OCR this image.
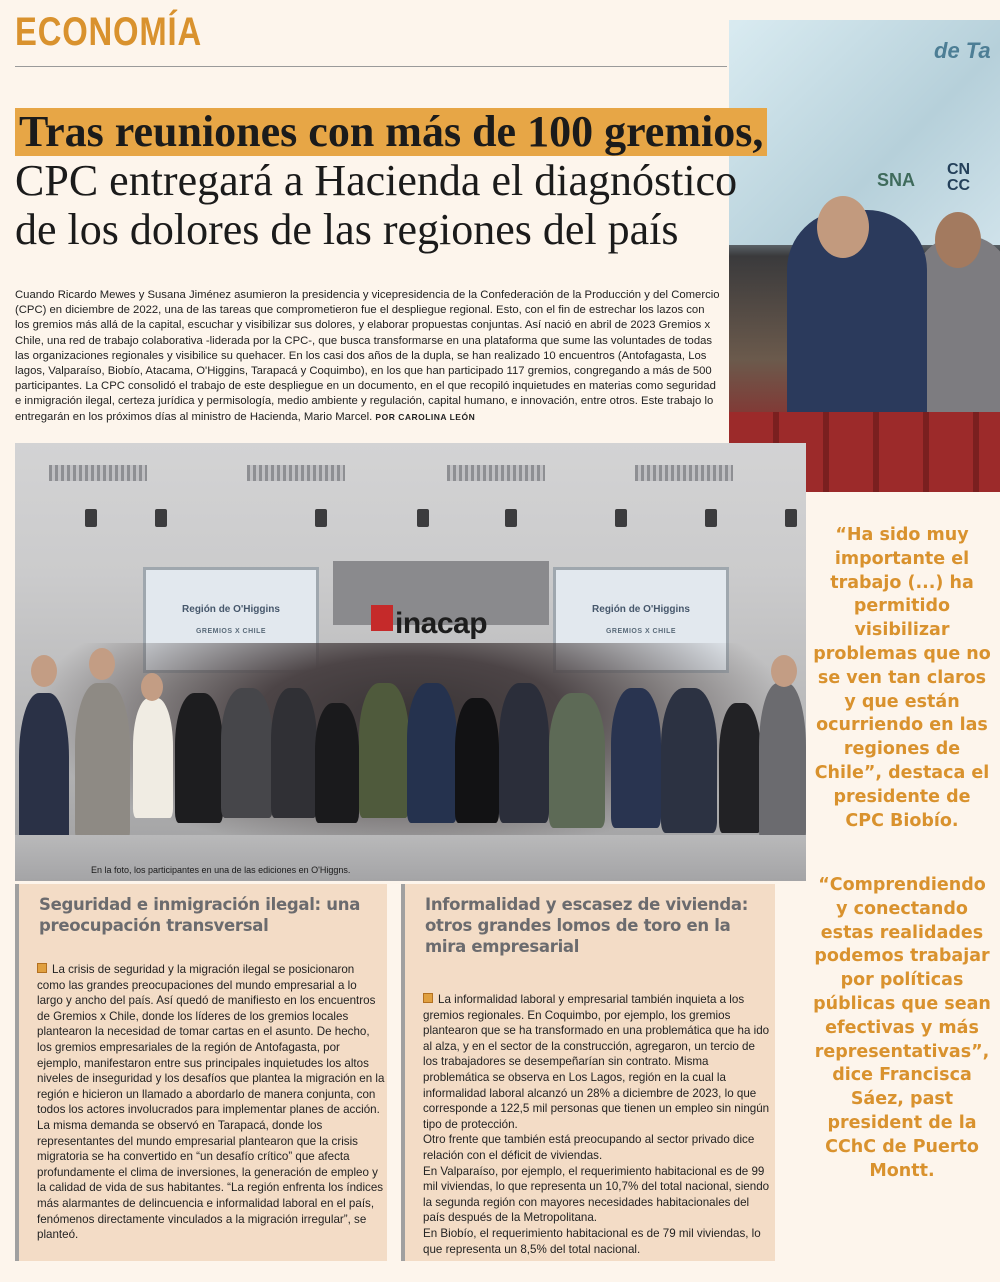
ECONOMÍA	de Ta
SNA
CN
CC
Tras reuniones con más de 100 gremios,
CPC entregará a Hacienda el diagnóstico
de los dolores de las regiones del país
Cuando Ricardo Mewes y Susana Jiménez asumieron la presidencia y vicepresidencia de la Confederación de la Producción y del Comercio (CPC) en diciembre de 2022, una de las tareas que comprometieron fue el despliegue regional. Esto, con el fin de estrechar los lazos con los gremios más allá de la capital, escuchar y visibilizar sus dolores, y elaborar propuestas conjuntas. Así nació en abril de 2023 Gremios x Chile, una red de trabajo colaborativa -liderada por la CPC-, que busca transformarse en una plataforma que sume las voluntades de todas las organizaciones regionales y visibilice su quehacer. En los casi dos años de la dupla, se han realizado 10 encuentros (Antofagasta, Los lagos, Valparaíso, Biobío, Atacama, O'Higgins, Tarapacá y Coquimbo), en los que han participado 117 gremios, congregando a más de 500 participantes. La CPC consolidó el trabajo de este despliegue en un documento, en el que recopiló inquietudes en materias como seguridad e inmigración ilegal, certeza jurídica y permisología, medio ambiente y regulación, capital humano, e innovación, entre otros. Este trabajo lo entregarán en los próximos días al ministro de Hacienda, Mario Marcel. POR CAROLINA LEÓN
Región de O'Higgins
GREMIOS X CHILE
Región de O'Higgins
GREMIOS X CHILE
inacap
En la foto, los participantes en una de las ediciones en O'Higgns.
“Ha sido muy importante el trabajo (...) ha permitido visibilizar problemas que no se ven tan claros y que están ocurriendo en las regiones de Chile”, destaca el presidente de CPC Biobío.
“Comprendiendo y conectando estas realidades podemos trabajar por políticas públicas que sean efectivas y más representativas”, dice Francisca Sáez, past president de la CChC de Puerto Montt.
Seguridad e inmigración ilegal: una preocupación transversal

La crisis de seguridad y la migración ilegal se posicionaron como las grandes preocupaciones del mundo empresarial a lo largo y ancho del país. Así quedó de manifiesto en los encuentros de Gremios x Chile, donde los líderes de los gremios locales plantearon la necesidad de tomar cartas en el asunto. De hecho, los gremios empresariales de la región de Antofagasta, por ejemplo, manifestaron entre sus principales inquietudes los altos niveles de inseguridad y los desafíos que plantea la migración en la región e hicieron un llamado a abordarlo de manera conjunta, con todos los actores involucrados para implementar planes de acción.

La misma demanda se observó en Tarapacá, donde los representantes del mundo empresarial plantearon que la crisis migratoria se ha convertido en “un desafío crítico” que afecta profundamente el clima de inversiones, la generación de empleo y la calidad de vida de sus habitantes. “La región enfrenta los índices más alarmantes de delincuencia e informalidad laboral en el país, fenómenos directamente vinculados a la migración irregular”, se planteó.

Informalidad y escasez de vivienda: otros grandes lomos de toro en la mira empresarial

La informalidad laboral y empresarial también inquieta a los gremios regionales. En Coquimbo, por ejemplo, los gremios plantearon que se ha transformado en una problemática que ha ido al alza, y en el sector de la construcción, agregaron, un tercio de los trabajadores se desempeñarían sin contrato. Misma problemática se observa en Los Lagos, región en la cual la informalidad laboral alcanzó un 28% a diciembre de 2023, lo que corresponde a 122,5 mil personas que tienen un empleo sin ningún tipo de protección.

Otro frente que también está preocupando al sector privado dice relación con el déficit de viviendas.

En Valparaíso, por ejemplo, el requerimiento habitacional es de 99 mil viviendas, lo que representa un 10,7% del total nacional, siendo la segunda región con mayores necesidades habitacionales del país después de la Metropolitana.

En Biobío, el requerimiento habitacional es de 79 mil viviendas, lo que representa un 8,5% del total nacional.
